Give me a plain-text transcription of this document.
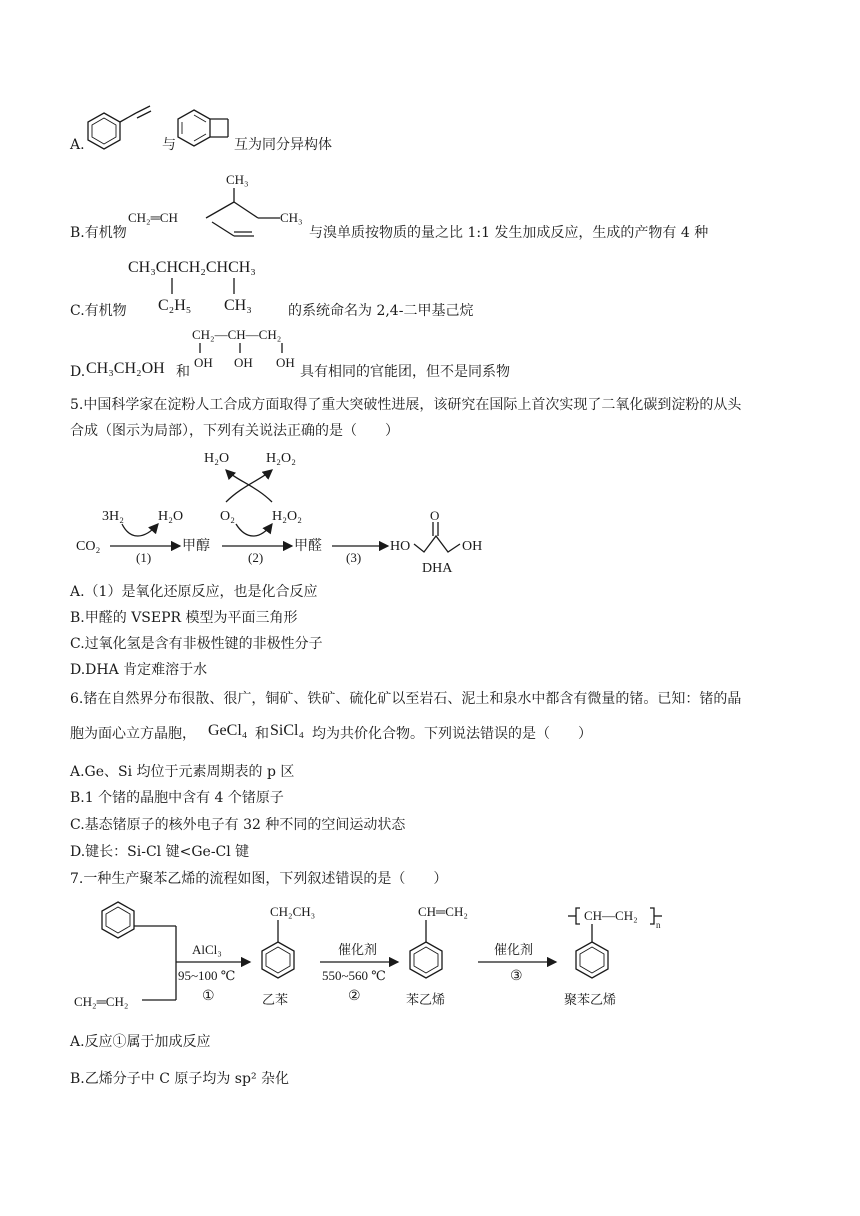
A.	与	互为同分异构体
B.有机物
CH₃
CH₂═CH	CH₃
与溴单质按物质的量之比 1:1 发生加成反应，生成的产物有 4 种
C.有机物
CH₃CHCH₂CHCH₃
C₂H₅ CH₃	的系统命名为 2,4-二甲基己烷
D. CH₃CH₂OH 和
CH₂—CH—CH₂
OH OH OH
具有相同的官能团，但不是同系物
5.中国科学家在淀粉人工合成方面取得了重大突破性进展，该研究在国际上首次实现了二氧化碳到淀粉的从头
合成（图示为局部），下列有关说法正确的是（　　）
H₂O	H₂O₂
3H₂ H₂O	O₂	H₂O₂
CO₂
(1)
甲醇
(2)
甲醛
(3)
HO
O
OH
DHA
A.（1）是氧化还原反应，也是化合反应
B.甲醛的 VSEPR 模型为平面三角形
C.过氧化氢是含有非极性键的非极性分子
D.DHA 肯定难溶于水
6.锗在自然界分布很散、很广，铜矿、铁矿、硫化矿以至岩石、泥土和泉水中都含有微量的锗。已知：锗的晶
胞为面心立方晶胞， GeCl₄ 和 SiCl₄ 均为共价化合物。下列说法错误的是（　　）
A.Ge、Si 均位于元素周期表的 p 区
B.1 个锗的晶胞中含有 4 个锗原子
C.基态锗原子的核外电子有 32 种不同的空间运动状态
D.键长：Si-Cl 键<Ge-Cl 键
7.一种生产聚苯乙烯的流程如图，下列叙述错误的是（　　）
CH₂═CH₂
AlCl₃
95~100 ℃
①
CH₂CH₃
乙苯
催化剂
550~560 ℃
②
CH═CH₂
苯乙烯
催化剂
③
CH—CH₂
n
聚苯乙烯
A.反应①属于加成反应
B.乙烯分子中 C 原子均为 sp² 杂化
